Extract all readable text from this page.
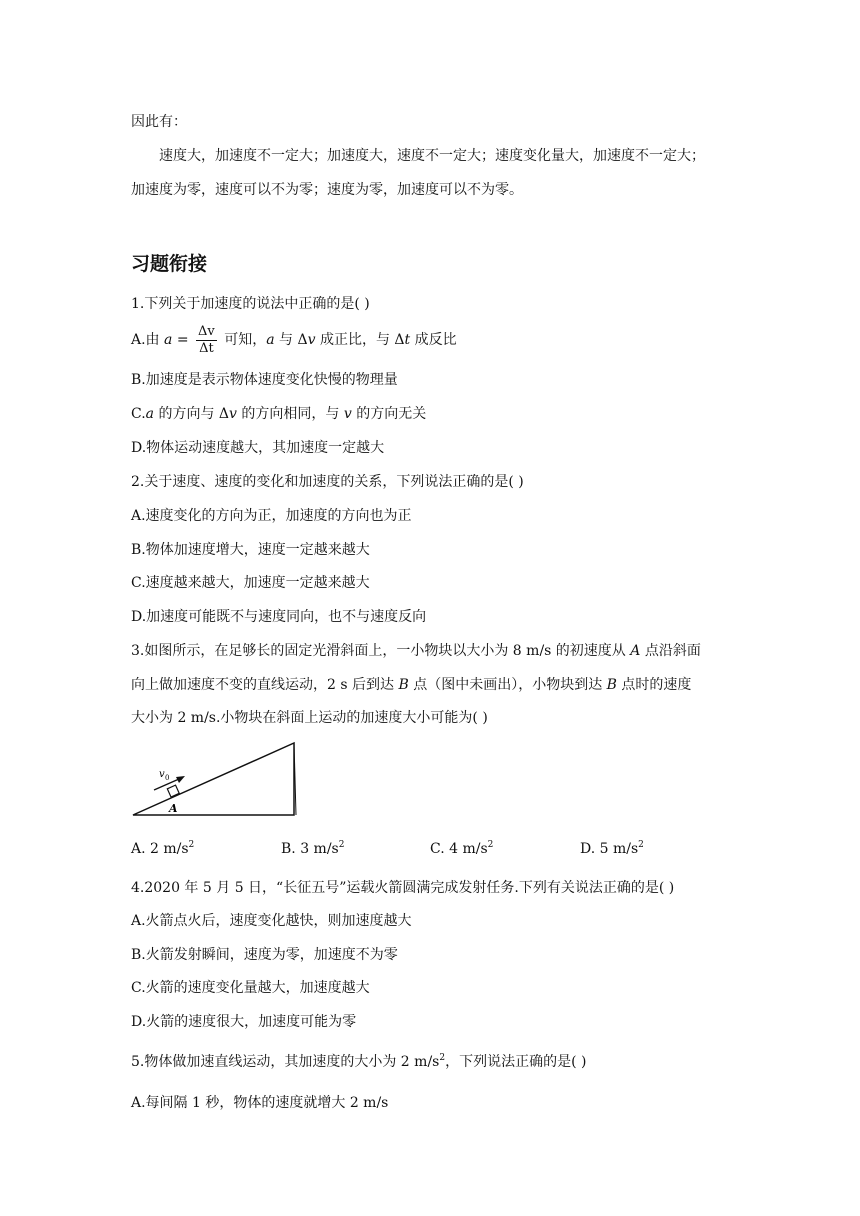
因此有：
速度大，加速度不一定大；加速度大，速度不一定大；速度变化量大，加速度不一定大；
加速度为零，速度可以不为零；速度为零，加速度可以不为零。
习题衔接
1.下列关于加速度的说法中正确的是( )
A.由 $a = \frac{\Delta v}{\Delta t}$ 可知，a 与 Δv 成正比，与 Δt 成反比
B.加速度是表示物体速度变化快慢的物理量
C.a 的方向与 Δv 的方向相同，与 v 的方向无关
D.物体运动速度越大，其加速度一定越大
2.关于速度、速度的变化和加速度的关系，下列说法正确的是( )
A.速度变化的方向为正，加速度的方向也为正
B.物体加速度增大，速度一定越来越大
C.速度越来越大，加速度一定越来越大
D.加速度可能既不与速度同向，也不与速度反向
3.如图所示，在足够长的固定光滑斜面上，一小物块以大小为 8 m/s 的初速度从 A 点沿斜面
向上做加速度不变的直线运动，2 s 后到达 B 点（图中未画出），小物块到达 B 点时的速度
大小为 2 m/s.小物块在斜面上运动的加速度大小可能为( )
v 0
A
A. 2 $m/s^2$	B. 3 $m/s^2$	C. 4 $m/s^2$	D. 5 $m/s^2$
4.2020 年 5 月 5 日，“长征五号”运载火箭圆满完成发射任务.下列有关说法正确的是( )
A.火箭点火后，速度变化越快，则加速度越大
B.火箭发射瞬间，速度为零，加速度不为零
C.火箭的速度变化量越大，加速度越大
D.火箭的速度很大，加速度可能为零
5.物体做加速直线运动，其加速度的大小为 2 $m/s^2$，下列说法正确的是( )
A.每间隔 1 秒，物体的速度就增大 2 m/s
